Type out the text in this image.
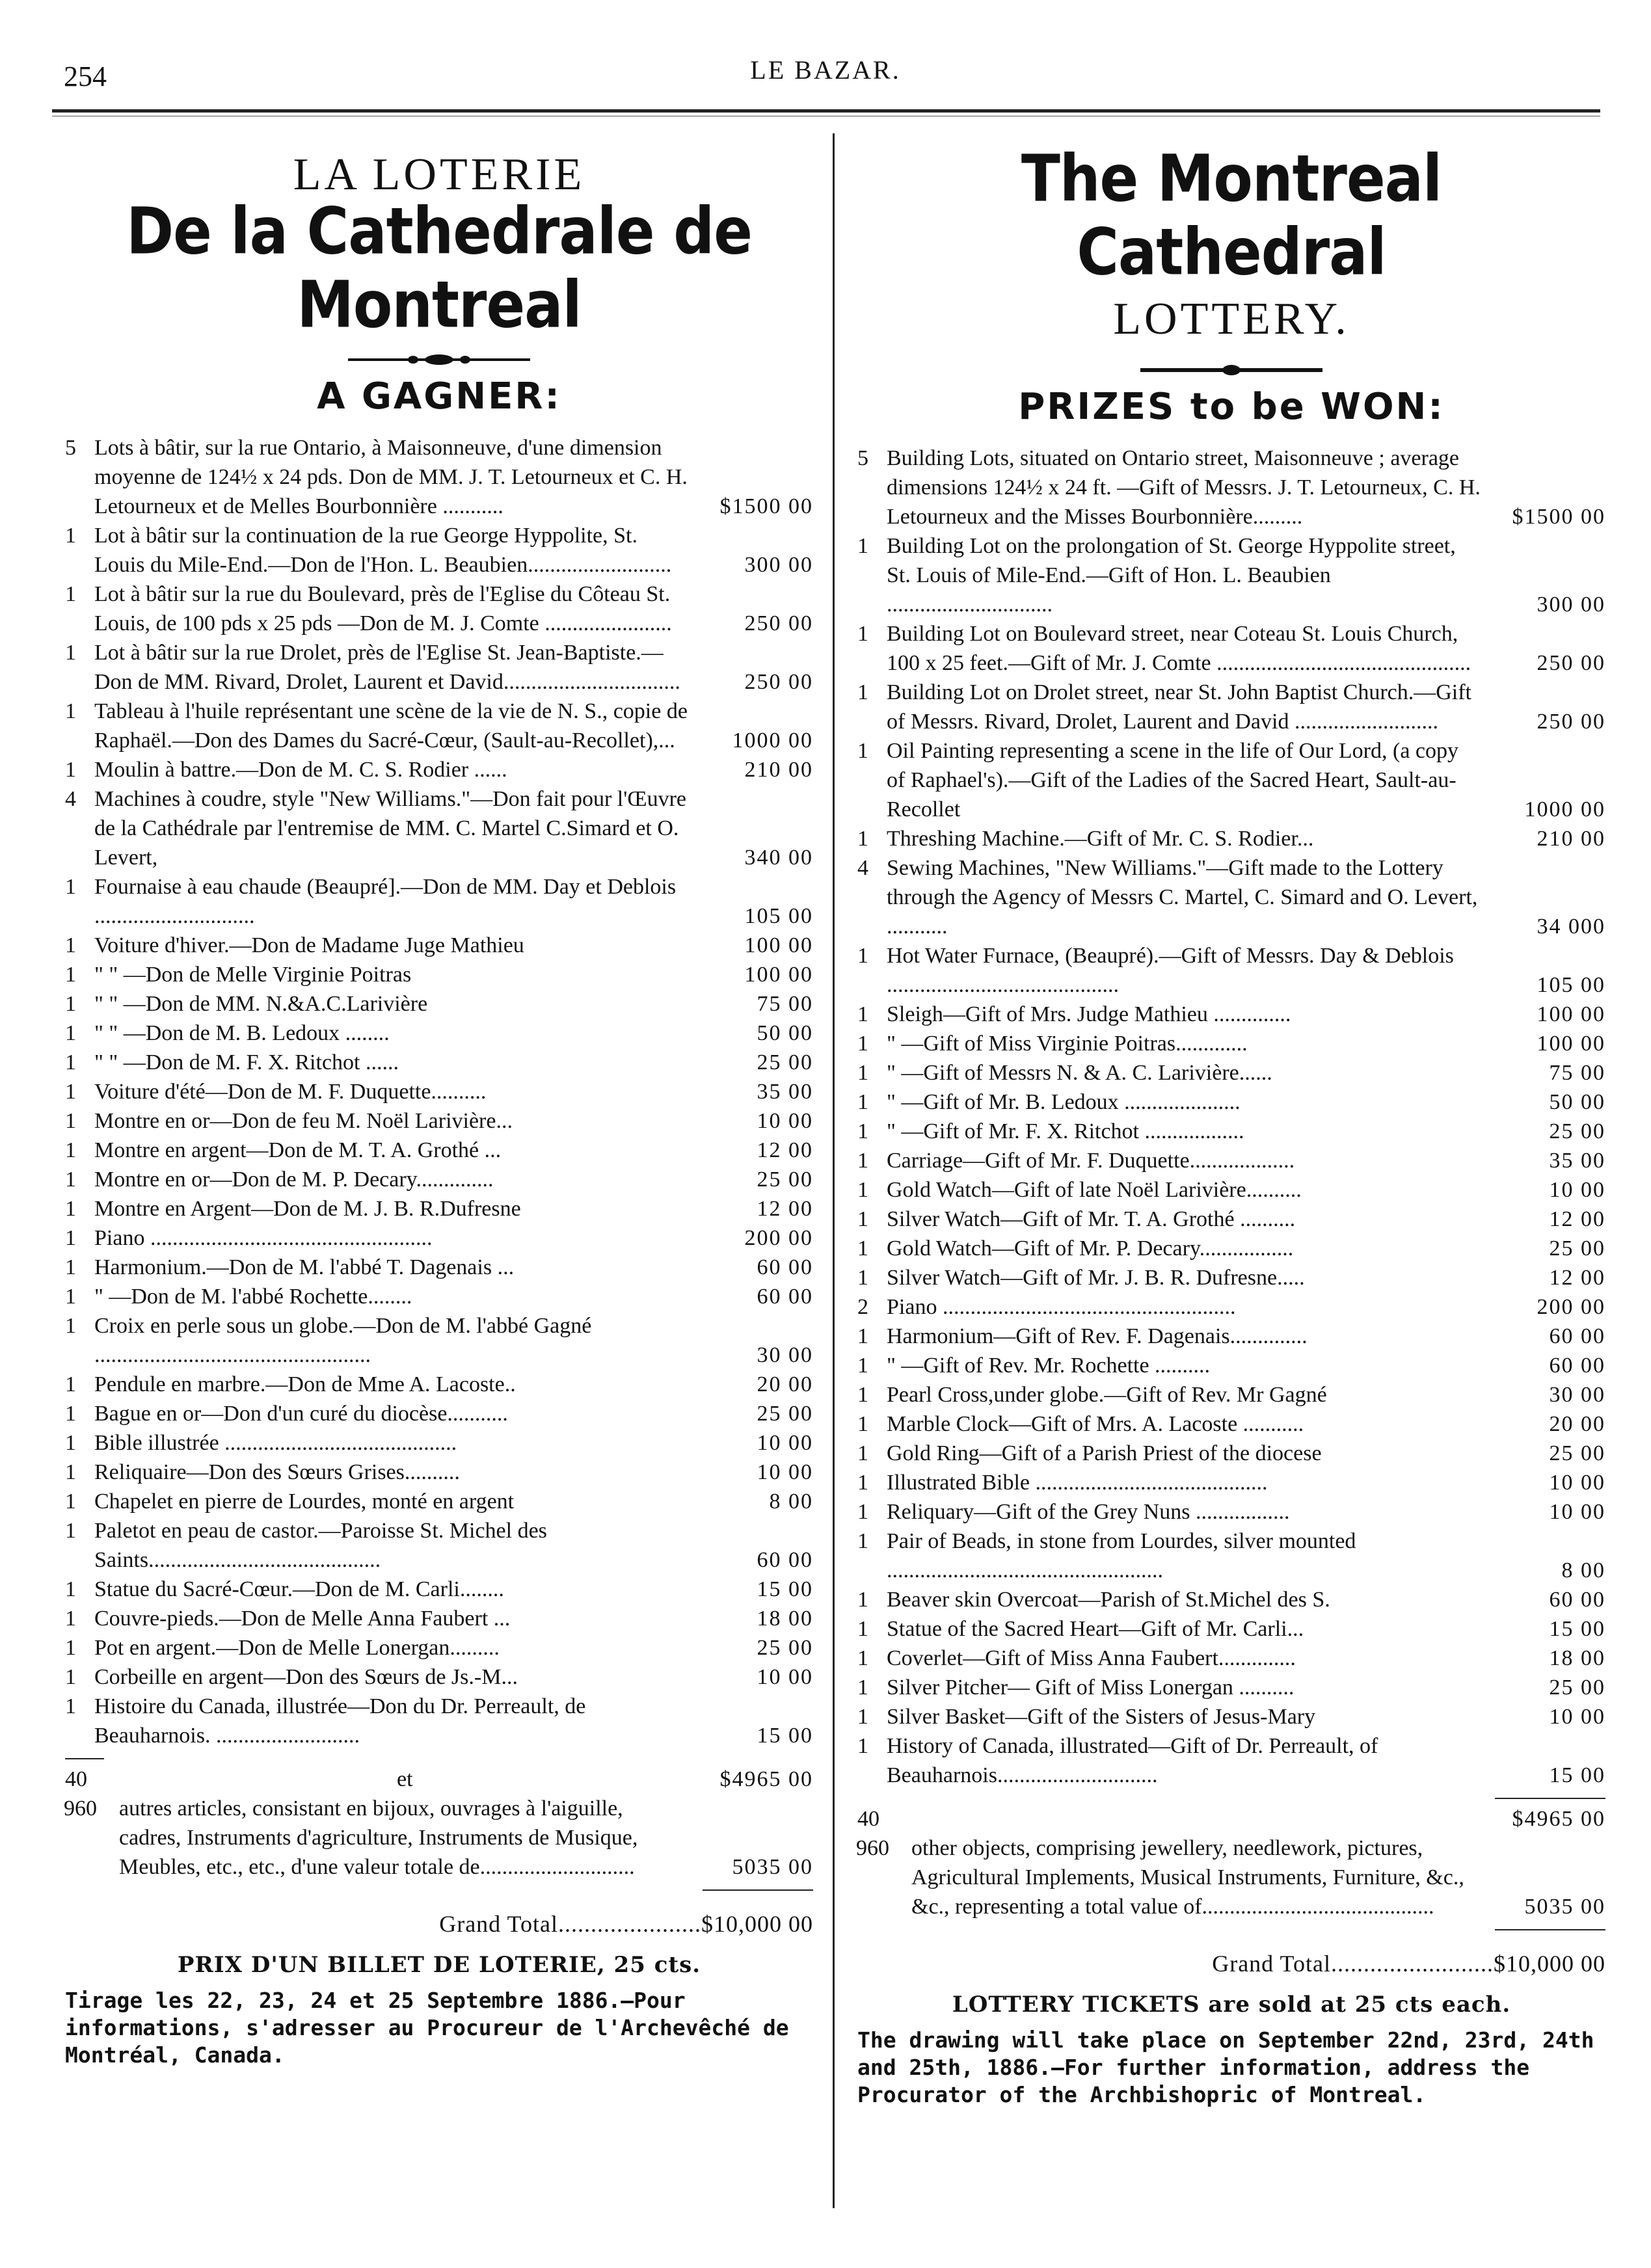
254	LE BAZAR.
LA LOTERIE
De la Cathedrale de Montreal
A GAGNER:
5 Lots à bâtir, sur la rue Ontario, à Maisonneuve, d'une dimension moyenne de 124½ x 24 pds. Don de MM. J. T. Letourneux et C. H. Letourneux et de Melles Bourbonnière ...........	$1500 00
1 Lot à bâtir sur la continuation de la rue George Hyppolite, St. Louis du Mile-End.—Don de l'Hon. L. Beaubien..........................	300 00
1 Lot à bâtir sur la rue du Boulevard, près de l'Eglise du Côteau St. Louis, de 100 pds x 25 pds —Don de M. J. Comte .......................	250 00
1 Lot à bâtir sur la rue Drolet, près de l'Eglise St. Jean-Baptiste.—Don de MM. Rivard, Drolet, Laurent et David................................	250 00
1 Tableau à l'huile représentant une scène de la vie de N. S., copie de Raphaël.—Don des Dames du Sacré-Cœur, (Sault-au-Recollet),...	1000 00
1 Moulin à battre.—Don de M. C. S. Rodier ......	210 00
4 Machines à coudre, style "New Williams."—Don fait pour l'Œuvre de la Cathédrale par l'entremise de MM. C. Martel C.Simard et O. Levert,	340 00
1 Fournaise à eau chaude (Beaupré].—Don de MM. Day et Deblois .............................	105 00
1 Voiture d'hiver.—Don de Madame Juge Mathieu	100 00
1 " " —Don de Melle Virginie Poitras	100 00
1 " " —Don de MM. N.&A.C.Larivière	75 00
1 " " —Don de M. B. Ledoux ........	50 00
1 " " —Don de M. F. X. Ritchot ......	25 00
1 Voiture d'été—Don de M. F. Duquette..........	35 00
1 Montre en or—Don de feu M. Noël Larivière...	10 00
1 Montre en argent—Don de M. T. A. Grothé ...	12 00
1 Montre en or—Don de M. P. Decary..............	25 00
1 Montre en Argent—Don de M. J. B. R.Dufresne	12 00
1 Piano ...................................................	200 00
1 Harmonium.—Don de M. l'abbé T. Dagenais ...	60 00
1 " —Don de M. l'abbé Rochette........	60 00
1 Croix en perle sous un globe.—Don de M. l'abbé Gagné ..................................................	30 00
1 Pendule en marbre.—Don de Mme A. Lacoste..	20 00
1 Bague en or—Don d'un curé du diocèse...........	25 00
1 Bible illustrée ..........................................	10 00
1 Reliquaire—Don des Sœurs Grises..........	10 00
1 Chapelet en pierre de Lourdes, monté en argent	8 00
1 Paletot en peau de castor.—Paroisse St. Michel des Saints..........................................	60 00
1 Statue du Sacré-Cœur.—Don de M. Carli........	15 00
1 Couvre-pieds.—Don de Melle Anna Faubert ...	18 00
1 Pot en argent.—Don de Melle Lonergan.........	25 00
1 Corbeille en argent—Don des Sœurs de Js.-M...	10 00
1 Histoire du Canada, illustrée—Don du Dr. Perreault, de Beauharnois. ..........................	15 00
40	et	$4965 00
960	autres articles, consistant en bijoux, ouvrages à l'aiguille, cadres, Instruments d'agriculture, Instruments de Musique, Meubles, etc., etc., d'une valeur totale de............................	5035 00
Grand Total......................$10,000 00
PRIX D'UN BILLET DE LOTERIE, 25 cts.
Tirage les 22, 23, 24 et 25 Septembre 1886.—Pour informations, s'adresser au Procureur de l'Archevêché de Montréal, Canada.
The Montreal Cathedral
LOTTERY.
PRIZES to be WON:
5 Building Lots, situated on Ontario street, Maisonneuve ; average dimensions 124½ x 24 ft. —Gift of Messrs. J. T. Letourneux, C. H. Letourneux and the Misses Bourbonnière.........	$1500 00
1 Building Lot on the prolongation of St. George Hyppolite street, St. Louis of Mile-End.—Gift of Hon. L. Beaubien ..............................	300 00
1 Building Lot on Boulevard street, near Coteau St. Louis Church, 100 x 25 feet.—Gift of Mr. J. Comte ..............................................	250 00
1 Building Lot on Drolet street, near St. John Baptist Church.—Gift of Messrs. Rivard, Drolet, Laurent and David ..........................	250 00
1 Oil Painting representing a scene in the life of Our Lord, (a copy of Raphael's).—Gift of the Ladies of the Sacred Heart, Sault-au-Recollet	1000 00
1 Threshing Machine.—Gift of Mr. C. S. Rodier...	210 00
4 Sewing Machines, "New Williams."—Gift made to the Lottery through the Agency of Messrs C. Martel, C. Simard and O. Levert, ...........	34 000
1 Hot Water Furnace, (Beaupré).—Gift of Messrs. Day & Deblois ..........................................	105 00
1 Sleigh—Gift of Mrs. Judge Mathieu ..............	100 00
1 " —Gift of Miss Virginie Poitras.............	100 00
1 " —Gift of Messrs N. & A. C. Larivière......	75 00
1 " —Gift of Mr. B. Ledoux .....................	50 00
1 " —Gift of Mr. F. X. Ritchot ..................	25 00
1 Carriage—Gift of Mr. F. Duquette...................	35 00
1 Gold Watch—Gift of late Noël Larivière..........	10 00
1 Silver Watch—Gift of Mr. T. A. Grothé ..........	12 00
1 Gold Watch—Gift of Mr. P. Decary.................	25 00
1 Silver Watch—Gift of Mr. J. B. R. Dufresne.....	12 00
2 Piano .....................................................	200 00
1 Harmonium—Gift of Rev. F. Dagenais..............	60 00
1 " —Gift of Rev. Mr. Rochette ..........	60 00
1 Pearl Cross,under globe.—Gift of Rev. Mr Gagné	30 00
1 Marble Clock—Gift of Mrs. A. Lacoste ...........	20 00
1 Gold Ring—Gift of a Parish Priest of the diocese	25 00
1 Illustrated Bible ..........................................	10 00
1 Reliquary—Gift of the Grey Nuns .................	10 00
1 Pair of Beads, in stone from Lourdes, silver mounted ..................................................	8 00
1 Beaver skin Overcoat—Parish of St.Michel des S.	60 00
1 Statue of the Sacred Heart—Gift of Mr. Carli...	15 00
1 Coverlet—Gift of Miss Anna Faubert..............	18 00
1 Silver Pitcher— Gift of Miss Lonergan ..........	25 00
1 Silver Basket—Gift of the Sisters of Jesus-Mary	10 00
1 History of Canada, illustrated—Gift of Dr. Perreault, of Beauharnois.............................	15 00
40	$4965 00
960	other objects, comprising jewellery, needlework, pictures, Agricultural Implements, Musical Instruments, Furniture, &c., &c., representing a total value of..........................................	5035 00
Grand Total.........................$10,000 00
LOTTERY TICKETS are sold at 25 cts each.
The drawing will take place on September 22nd, 23rd, 24th and 25th, 1886.—For further information, address the Procurator of the Archbishopric of Montreal.
